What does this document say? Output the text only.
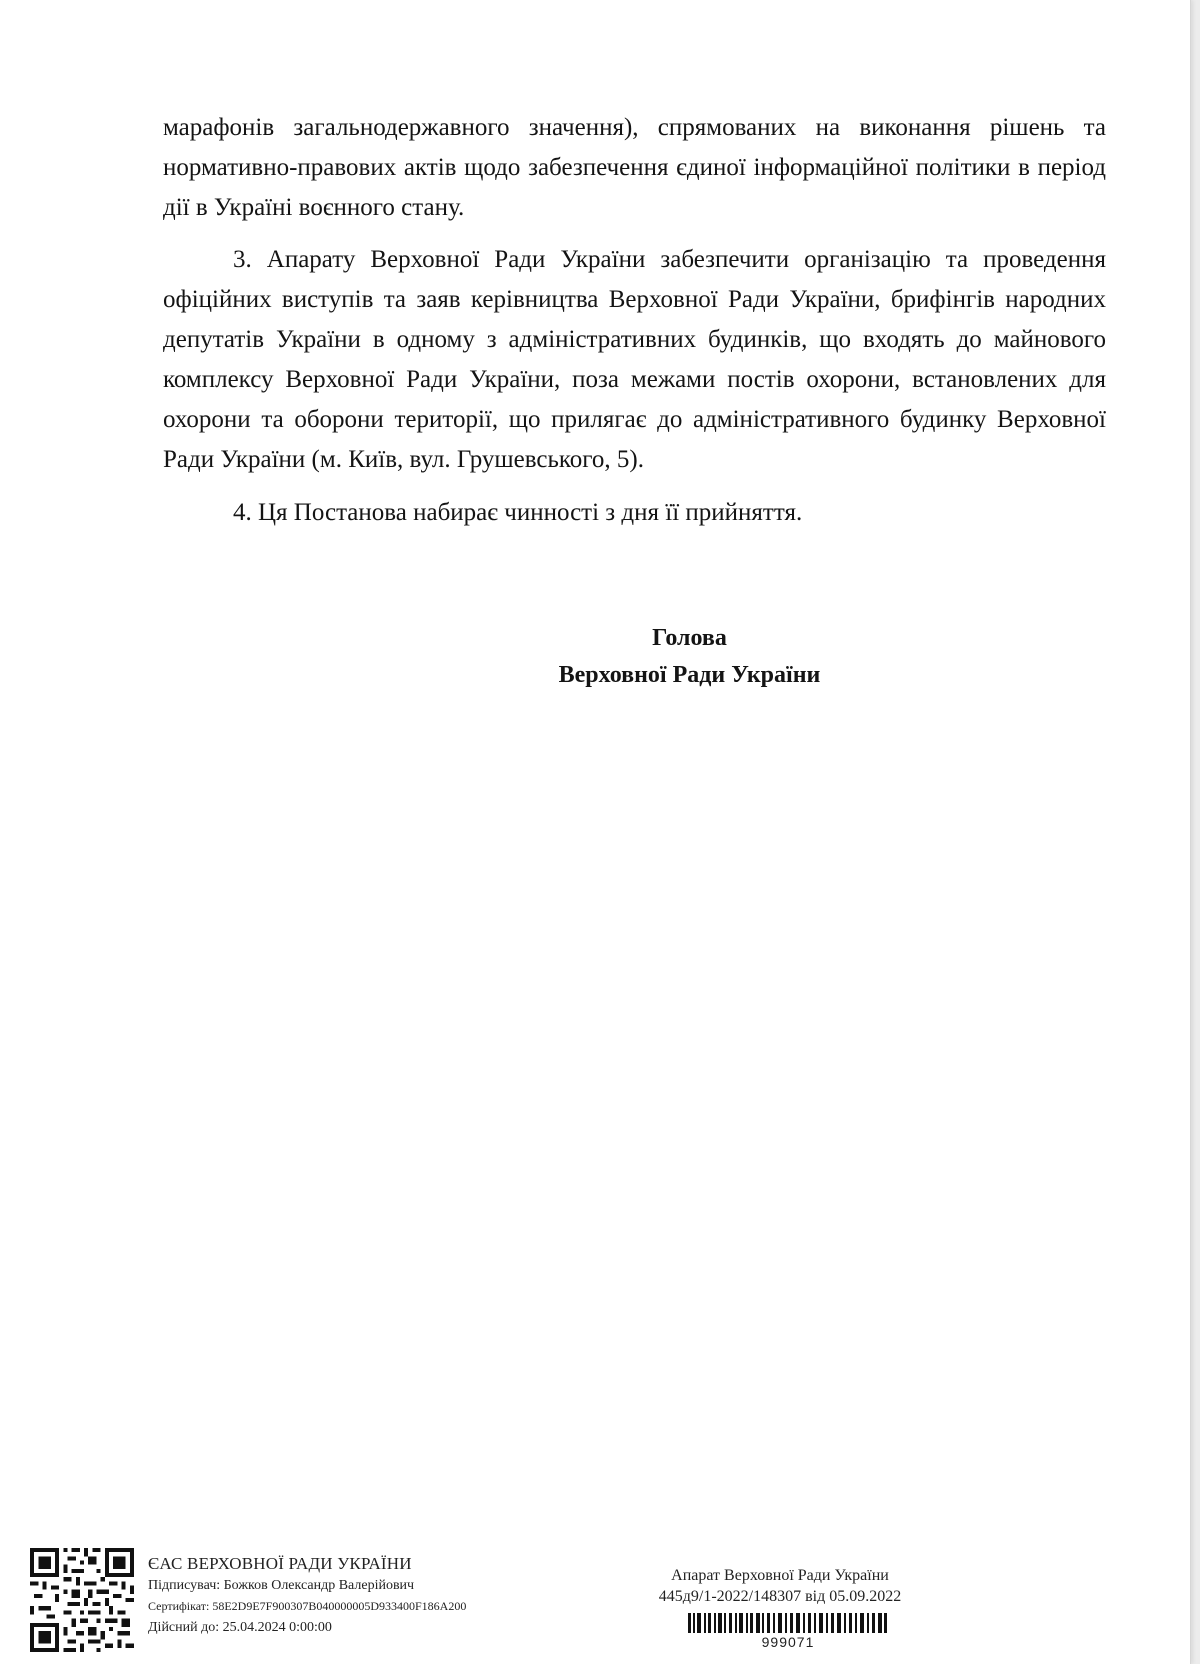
марафонів загальнодержавного значення), спрямованих на виконання рішень та нормативно-правових актів щодо забезпечення єдиної інформаційної політики в період дії в Україні воєнного стану.

3. Апарату Верховної Ради України забезпечити організацію та проведення офіційних виступів та заяв керівництва Верховної Ради України, брифінгів народних депутатів України в одному з адміністративних будинків, що входять до майнового комплексу Верховної Ради України, поза межами постів охорони, встановлених для охорони та оборони території, що прилягає до адміністративного будинку Верховної Ради України (м. Київ, вул. Грушевського, 5).

4. Ця Постанова набирає чинності з дня її прийняття.

Голова
Верховної Ради України
ЄАС ВЕРХОВНОЇ РАДИ УКРАЇНИ
Підписувач: Божков Олександр Валерійович
Сертифікат: 58E2D9E7F900307B040000005D933400F186A200
Дійсний до: 25.04.2024 0:00:00
Апарат Верховної Ради України
445д9/1-2022/148307 від 05.09.2022
999071
